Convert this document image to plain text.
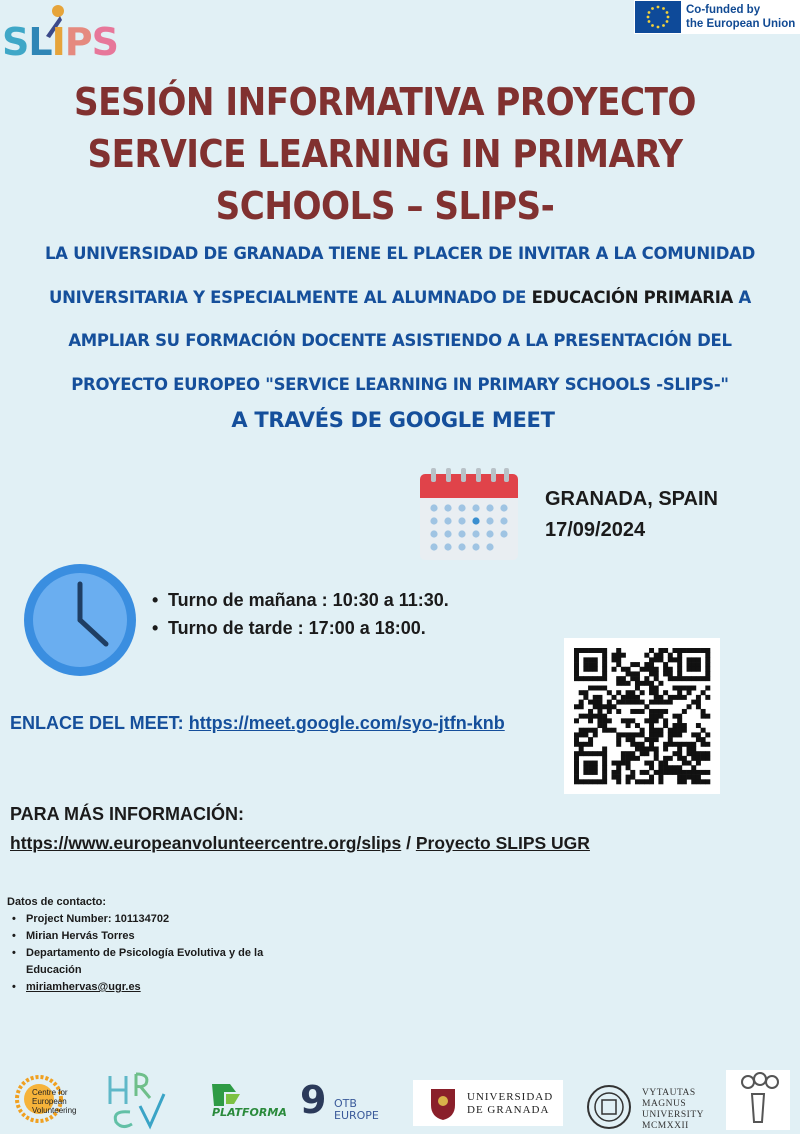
SLIPS
Co-funded by
the European Union
SESIÓN INFORMATIVA PROYECTO
SERVICE LEARNING IN PRIMARY
SCHOOLS – SLIPS-
LA UNIVERSIDAD DE GRANADA TIENE EL PLACER DE INVITAR A LA COMUNIDAD
UNIVERSITARIA Y ESPECIALMENTE AL ALUMNADO DE EDUCACIÓN PRIMARIA A
AMPLIAR SU FORMACIÓN DOCENTE ASISTIENDO A LA PRESENTACIÓN DEL
PROYECTO EUROPEO "SERVICE LEARNING IN PRIMARY SCHOOLS -SLIPS-"
A TRAVÉS DE GOOGLE MEET
GRANADA, SPAIN
17/09/2024
• Turno de mañana : 10:30 a 11:30.
• Turno de tarde : 17:00 a 18:00.
ENLACE DEL MEET: https://meet.google.com/syo-jtfn-knb
PARA MÁS INFORMACIÓN:
https://www.europeanvolunteercentre.org/slips / Proyecto SLIPS UGR
Datos de contacto:
• Project Number: 101134702
• Mirian Hervás Torres
• Departamento de Psicología Evolutiva y de la Educación
• miriamhervas@ugr.es
Centre for
European
Volunteering	PLATFORMA 9 OTB
EUROPE
UNIVERSIDAD
DE GRANADA
VYTAUTAS
MAGNUS
UNIVERSITY
MCMXXII
